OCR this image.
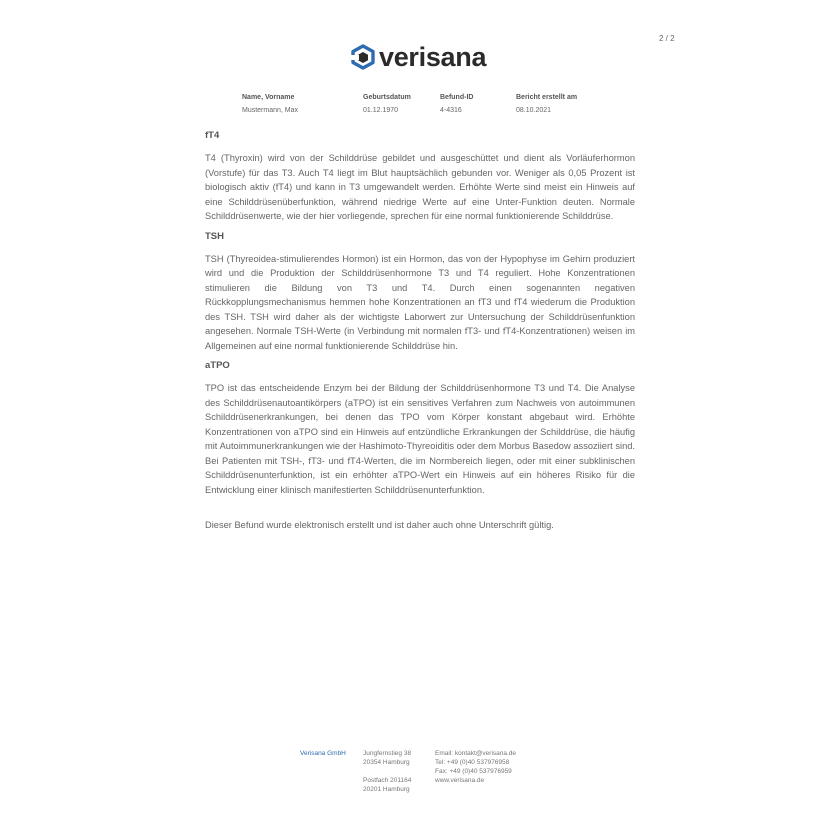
2 / 2
verisana
Name, Vorname
Mustermann, Max
Geburtsdatum
01.12.1970
Befund-ID
4-4316
Bericht erstellt am
08.10.2021
fT4

T4 (Thyroxin) wird von der Schilddrüse gebildet und ausgeschüttet und dient als Vorläuferhormon (Vorstufe) für das T3. Auch T4 liegt im Blut hauptsächlich gebunden vor. Weniger als 0,05 Prozent ist biologisch aktiv (fT4) und kann in T3 umgewandelt werden. Erhöhte Werte sind meist ein Hinweis auf eine Schilddrüsenüberfunktion, während niedrige Werte auf eine Unter-Funktion deuten. Normale Schilddrüsenwerte, wie der hier vorliegende, sprechen für eine normal funktionierende Schilddrüse.

TSH

TSH (Thyreoidea-stimulierendes Hormon) ist ein Hormon, das von der Hypophyse im Gehirn produziert wird und die Produktion der Schilddrüsenhormone T3 und T4 reguliert. Hohe Konzentrationen stimulieren die Bildung von T3 und T4. Durch einen sogenannten negativen Rückkopplungsmechanismus hemmen hohe Konzentrationen an fT3 und fT4 wiederum die Produktion des TSH. TSH wird daher als der wichtigste Laborwert zur Untersuchung der Schilddrüsenfunktion angesehen. Normale TSH-Werte (in Verbindung mit normalen fT3- und fT4-Konzentrationen) weisen im Allgemeinen auf eine normal funktionierende Schilddrüse hin.

aTPO

TPO ist das entscheidende Enzym bei der Bildung der Schilddrüsenhormone T3 und T4. Die Analyse des Schilddrüsenautoantikörpers (aTPO) ist ein sensitives Verfahren zum Nachweis von autoimmunen Schilddrüsenerkrankungen, bei denen das TPO vom Körper konstant abgebaut wird. Erhöhte Konzentrationen von aTPO sind ein Hinweis auf entzündliche Erkrankungen der Schilddrüse, die häufig mit Autoimmunerkrankungen wie der Hashimoto-Thyreoiditis oder dem Morbus Basedow assoziiert sind. Bei Patienten mit TSH-, fT3- und fT4-Werten, die im Normbereich liegen, oder mit einer subklinischen Schilddrüsenunterfunktion, ist ein erhöhter aTPO-Wert ein Hinweis auf ein höheres Risiko für die Entwicklung einer klinisch manifestierten Schilddrüsenunterfunktion.

Dieser Befund wurde elektronisch erstellt und ist daher auch ohne Unterschrift gültig.

Verisana GmbH	Jungfernstieg 38
20354 Hamburg
Postfach 201164
20201 Hamburg
Email: kontakt@verisana.de
Tel: +49 (0)40 537976958
Fax: +49 (0)40 537976959
www.verisana.de
